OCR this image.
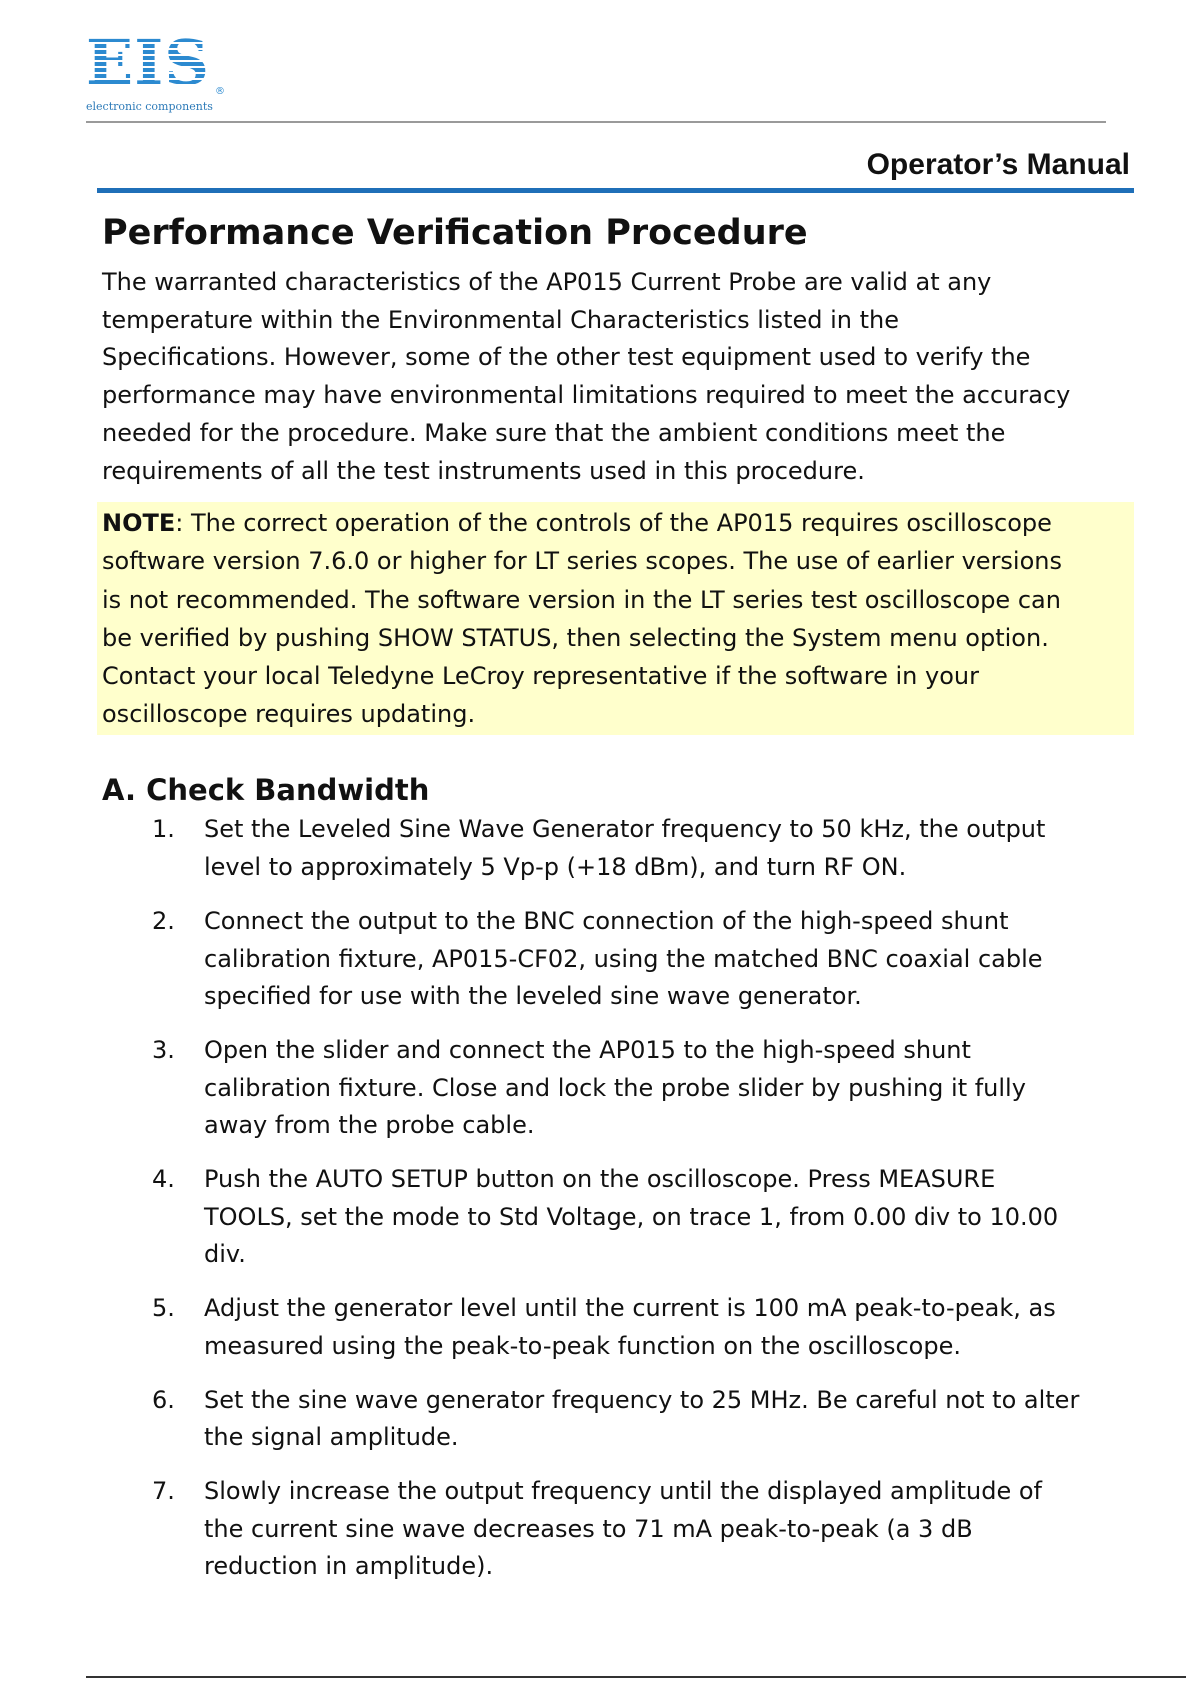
EIS ®
electronic components
Operator’s Manual
Performance Verification Procedure

The warranted characteristics of the AP015 Current Probe are valid at any

temperature within the Environmental Characteristics listed in the

Specifications. However, some of the other test equipment used to verify the

performance may have environmental limitations required to meet the accuracy

needed for the procedure. Make sure that the ambient conditions meet the

requirements of all the test instruments used in this procedure.

NOTE: The correct operation of the controls of the AP015 requires oscilloscope

software version 7.6.0 or higher for LT series scopes. The use of earlier versions

is not recommended. The software version in the LT series test oscilloscope can

be verified by pushing SHOW STATUS, then selecting the System menu option.

Contact your local Teledyne LeCroy representative if the software in your

oscilloscope requires updating.

A. Check Bandwidth
1. Set the Leveled Sine Wave Generator frequency to 50 kHz, the output
level to approximately 5 Vp-p (+18 dBm), and turn RF ON.
2. Connect the output to the BNC connection of the high-speed shunt
calibration fixture, AP015-CF02, using the matched BNC coaxial cable
specified for use with the leveled sine wave generator.
3. Open the slider and connect the AP015 to the high-speed shunt
calibration fixture. Close and lock the probe slider by pushing it fully
away from the probe cable.
4. Push the AUTO SETUP button on the oscilloscope. Press MEASURE
TOOLS, set the mode to Std Voltage, on trace 1, from 0.00 div to 10.00
div.
5. Adjust the generator level until the current is 100 mA peak-to-peak, as
measured using the peak-to-peak function on the oscilloscope.
6. Set the sine wave generator frequency to 25 MHz. Be careful not to alter
the signal amplitude.
7. Slowly increase the output frequency until the displayed amplitude of
the current sine wave decreases to 71 mA peak-to-peak (a 3 dB
reduction in amplitude).
